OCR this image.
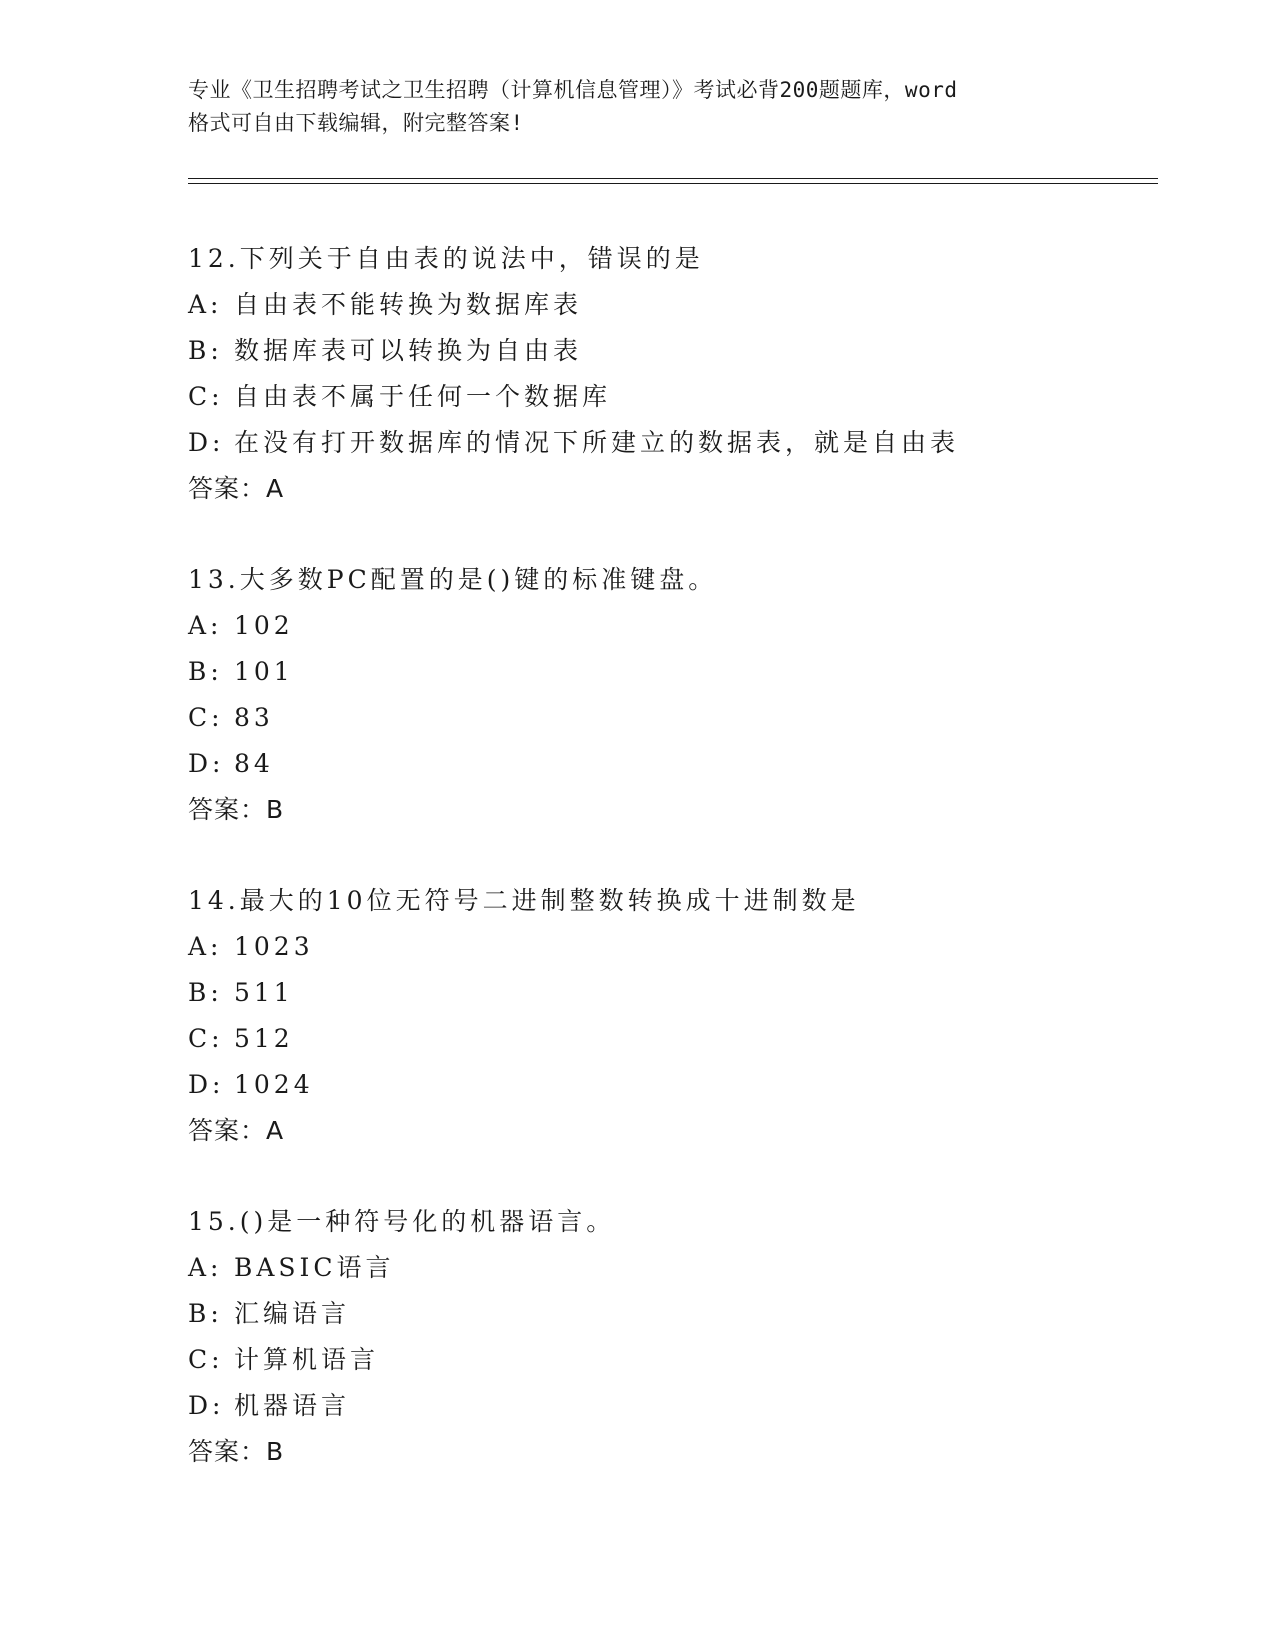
专业《卫生招聘考试之卫生招聘（计算机信息管理）》考试必背200题题库，word
格式可自由下载编辑，附完整答案!
12.下列关于自由表的说法中，错误的是
A: 自由表不能转换为数据库表
B: 数据库表可以转换为自由表
C: 自由表不属于任何一个数据库
D: 在没有打开数据库的情况下所建立的数据表，就是自由表
答案：A
13.大多数PC配置的是()键的标准键盘。
A: 102
B: 101
C: 83
D: 84
答案：B
14.最大的10位无符号二进制整数转换成十进制数是
A: 1023
B: 511
C: 512
D: 1024
答案：A
15.()是一种符号化的机器语言。
A: BASIC语言
B: 汇编语言
C: 计算机语言
D: 机器语言
答案：B
